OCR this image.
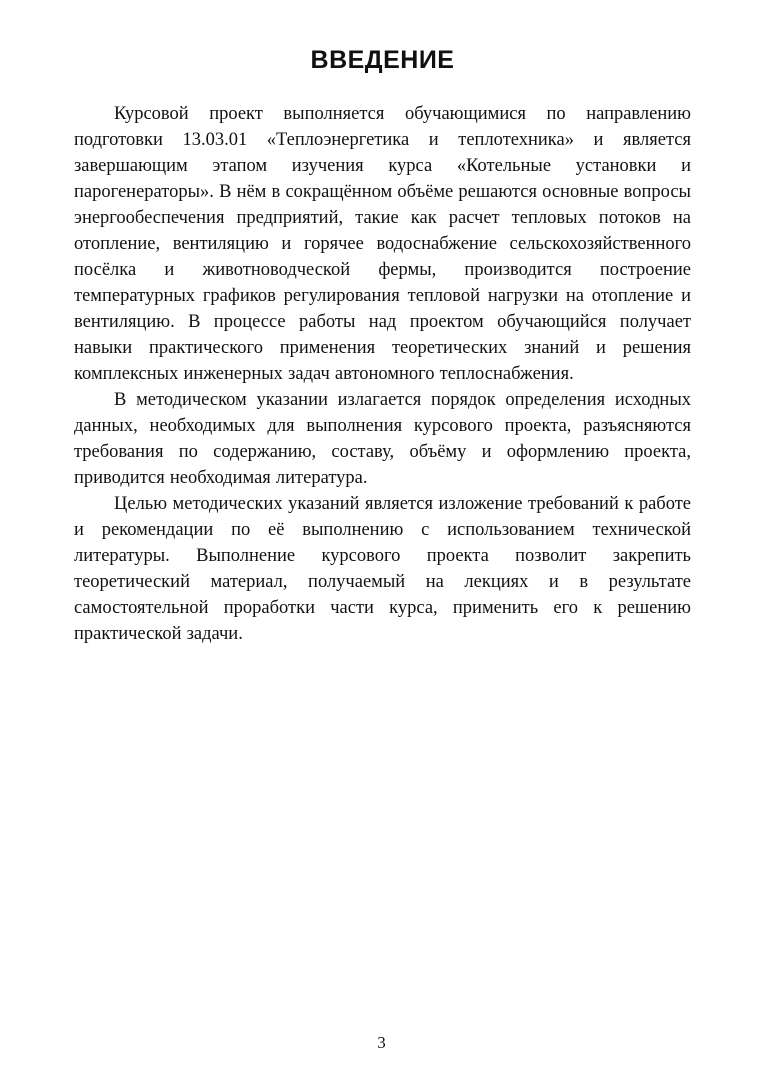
ВВЕДЕНИЕ

Курсовой проект выполняется обучающимися по направлению подготовки 13.03.01 «Теплоэнергетика и теплотехника» и является завершающим этапом изучения курса «Котельные установки и парогенераторы». В нём в сокращённом объёме решаются основные вопросы энергообеспечения предприятий, такие как расчет тепловых потоков на отопление, вентиляцию и горячее водоснабжение сельскохозяйственного посёлка и животноводческой фермы, производится построение температурных графиков регулирования тепловой нагрузки на отопление и вентиляцию. В процессе работы над проектом обучающийся получает навыки практического применения теоретических знаний и решения комплексных инженерных задач автономного теплоснабжения.

В методическом указании излагается порядок определения исходных данных, необходимых для выполнения курсового проекта, разъясняются требования по содержанию, составу, объёму и оформлению проекта, приводится необходимая литература.

Целью методических указаний является изложение требований к работе и рекомендации по её выполнению с использованием технической литературы. Выполнение курсового проекта позволит закрепить теоретический материал, получаемый на лекциях и в результате самостоятельной проработки части курса, применить его к решению практической задачи.

3
